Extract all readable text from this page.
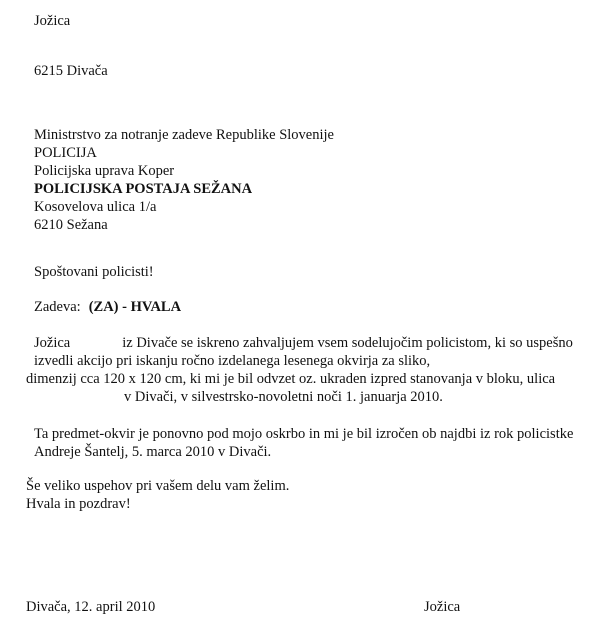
Jožica
6215 Divača
Ministrstvo za notranje zadeve Republike Slovenije
POLICIJA
Policijska uprava Koper
POLICIJSKA POSTAJA SEŽANA
Kosovelova ulica 1/a
6210 Sežana
Spoštovani policisti!
Zadeva: (ZA) - HVALA
Jožica	iz Divače se iskreno zahvaljujem vsem sodelujočim policistom, ki so uspešno
izvedli akcijo pri iskanju ročno izdelanega lesenega okvirja za sliko,
dimenzij cca 120 x 120 cm, ki mi je bil odvzet oz. ukraden izpred stanovanja v bloku, ulica
v Divači, v silvestrsko-novoletni noči 1. januarja 2010.
Ta predmet-okvir je ponovno pod mojo oskrbo in mi je bil izročen ob najdbi iz rok policistke
Andreje Šantelj, 5. marca 2010 v Divači.
Še veliko uspehov pri vašem delu vam želim.
Hvala in pozdrav!
Divača, 12. april 2010	Jožica
